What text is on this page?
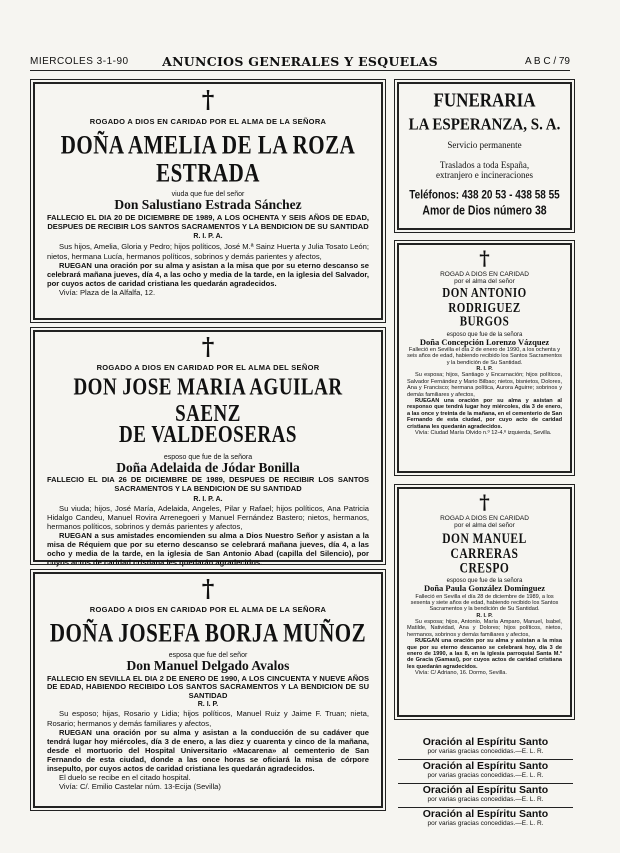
MIERCOLES 3-1-90	ANUNCIOS GENERALES Y ESQUELAS	A B C / 79
†
ROGADO A DIOS EN CARIDAD POR EL ALMA DE LA SEÑORA
DOÑA AMELIA DE LA ROZA
ESTRADA
viuda que fue del señor
Don Salustiano Estrada Sánchez
FALLECIO EL DIA 20 DE DICIEMBRE DE 1989, A LOS OCHENTA Y SEIS AÑOS DE EDAD, DESPUES DE RECIBIR LOS SANTOS SACRAMENTOS Y LA BENDICION DE SU SANTIDAD
R. I. P. A.
Sus hijos, Amelia, Gloria y Pedro; hijos políticos, José M.ª Sainz Huerta y Julia Tosato León; nietos, hermana Lucía, hermanos políticos, sobrinos y demás parientes y afectos,
RUEGAN una oración por su alma y asistan a la misa que por su eterno descanso se celebrará mañana jueves, día 4, a las ocho y media de la tarde, en la iglesia del Salvador, por cuyos actos de caridad cristiana les quedarán agradecidos.
Vivía: Plaza de la Alfalfa, 12.
†
ROGADO A DIOS EN CARIDAD POR EL ALMA DEL SEÑOR
DON JOSE MARIA AGUILAR SAENZ
DE VALDEOSERAS
esposo que fue de la señora
Doña Adelaida de Jódar Bonilla
FALLECIO EL DIA 26 DE DICIEMBRE DE 1989, DESPUES DE RECIBIR LOS SANTOS SACRAMENTOS Y LA BENDICION DE SU SANTIDAD
R. I. P. A.
Su viuda; hijos, José María, Adelaida, Angeles, Pilar y Rafael; hijos políticos, Ana Patricia Hidalgo Candeu, Manuel Rovira Arrenegoeri y Manuel Fernández Bastero; nietos, hermanos, hermanos políticos, sobrinos y demás parientes y afectos,
RUEGAN a sus amistades encomienden su alma a Dios Nuestro Señor y asistan a la misa de Réquiem que por su eterno descanso se celebrará mañana jueves, día 4, a las ocho y media de la tarde, en la iglesia de San Antonio Abad (capilla del Silencio), por cuyos actos de caridad cristiana les quedarán agradecidos.
†
ROGADO A DIOS EN CARIDAD POR EL ALMA DE LA SEÑORA
DOÑA JOSEFA BORJA MUÑOZ
esposa que fue del señor
Don Manuel Delgado Avalos
FALLECIO EN SEVILLA EL DIA 2 DE ENERO DE 1990, A LOS CINCUENTA Y NUEVE AÑOS DE EDAD, HABIENDO RECIBIDO LOS SANTOS SACRAMENTOS Y LA BENDICION DE SU SANTIDAD
R. I. P.
Su esposo; hijas, Rosario y Lidia; hijos políticos, Manuel Ruiz y Jaime F. Truan; nieta, Rosario; hermanos y demás familiares y afectos,
RUEGAN una oración por su alma y asistan a la conducción de su cadáver que tendrá lugar hoy miércoles, día 3 de enero, a las diez y cuarenta y cinco de la mañana, desde el mortuorio del Hospital Universitario «Macarena» al cementerio de San Fernando de esta ciudad, donde a las once horas se oficiará la misa de córpore insepulto, por cuyos actos de caridad cristiana les quedarán agradecidos.
El duelo se recibe en el citado hospital.
Vivía: C/. Emilio Castelar núm. 13-Ecija (Sevilla)
FUNERARIA
LA ESPERANZA, S. A.
Servicio permanente
Traslados a toda España,
extranjero e incineraciones
Teléfonos: 438 20 53 - 438 58 55
Amor de Dios número 38
†
ROGAD A DIOS EN CARIDAD
por el alma del señor
DON ANTONIO RODRIGUEZ
BURGOS
esposo que fue de la señora
Doña Concepción Lorenzo Vázquez
Falleció en Sevilla el día 2 de enero de 1990, a los ochenta y seis años de edad, habiendo recibido los Santos Sacramentos y la bendición de Su Santidad.
R. I. P.
Su esposa; hijos, Santiago y Encarnación; hijos políticos, Salvador Fernández y Mario Bilbao; nietos, bisnietos, Dolores, Ana y Francisco; hermana política, Aurora Aguirre; sobrinos y demás familiares y afectos,
RUEGAN una oración por su alma y asistan al responso que tendrá lugar hoy miércoles, día 3 de enero, a las once y treinta de la mañana, en el cementerio de San Fernando de esta ciudad, por cuyo acto de caridad cristiana les quedarán agradecidos.
Vivía: Ciudad María Olvido n.º 12-4.º izquierda, Sevilla.
†
ROGAD A DIOS EN CARIDAD
por el alma del señor
DON MANUEL CARRERAS
CRESPO
esposo que fue de la señora
Doña Paula González Domínguez
Falleció en Sevilla el día 28 de diciembre de 1989, a los sesenta y siete años de edad, habiendo recibido los Santos Sacramentos y la bendición de Su Santidad.
R. I. P.
Su esposa; hijos, Antonio, María Amparo, Manuel, Isabel, Matilde, Natividad, Ana y Dolores; hijos políticos, nietos, hermanos, sobrinos y demás familiares y afectos,
RUEGAN una oración por su alma y asistan a la misa que por su eterno descanso se celebrará hoy, día 3 de enero de 1990, a las 8, en la iglesia parroquial Santa M.ª de Gracia (Gamasi), por cuyos actos de caridad cristiana les quedarán agradecidos.
Vivía: C/ Adriano, 16. Dormo, Sevilla.
Oración al Espíritu Santo
por varias gracias concedidas.—E. L. R.
Oración al Espíritu Santo
por varias gracias concedidas.—E. L. R.
Oración al Espíritu Santo
por varias gracias concedidas.—E. L. R.
Oración al Espíritu Santo
por varias gracias concedidas.—E. L. R.
